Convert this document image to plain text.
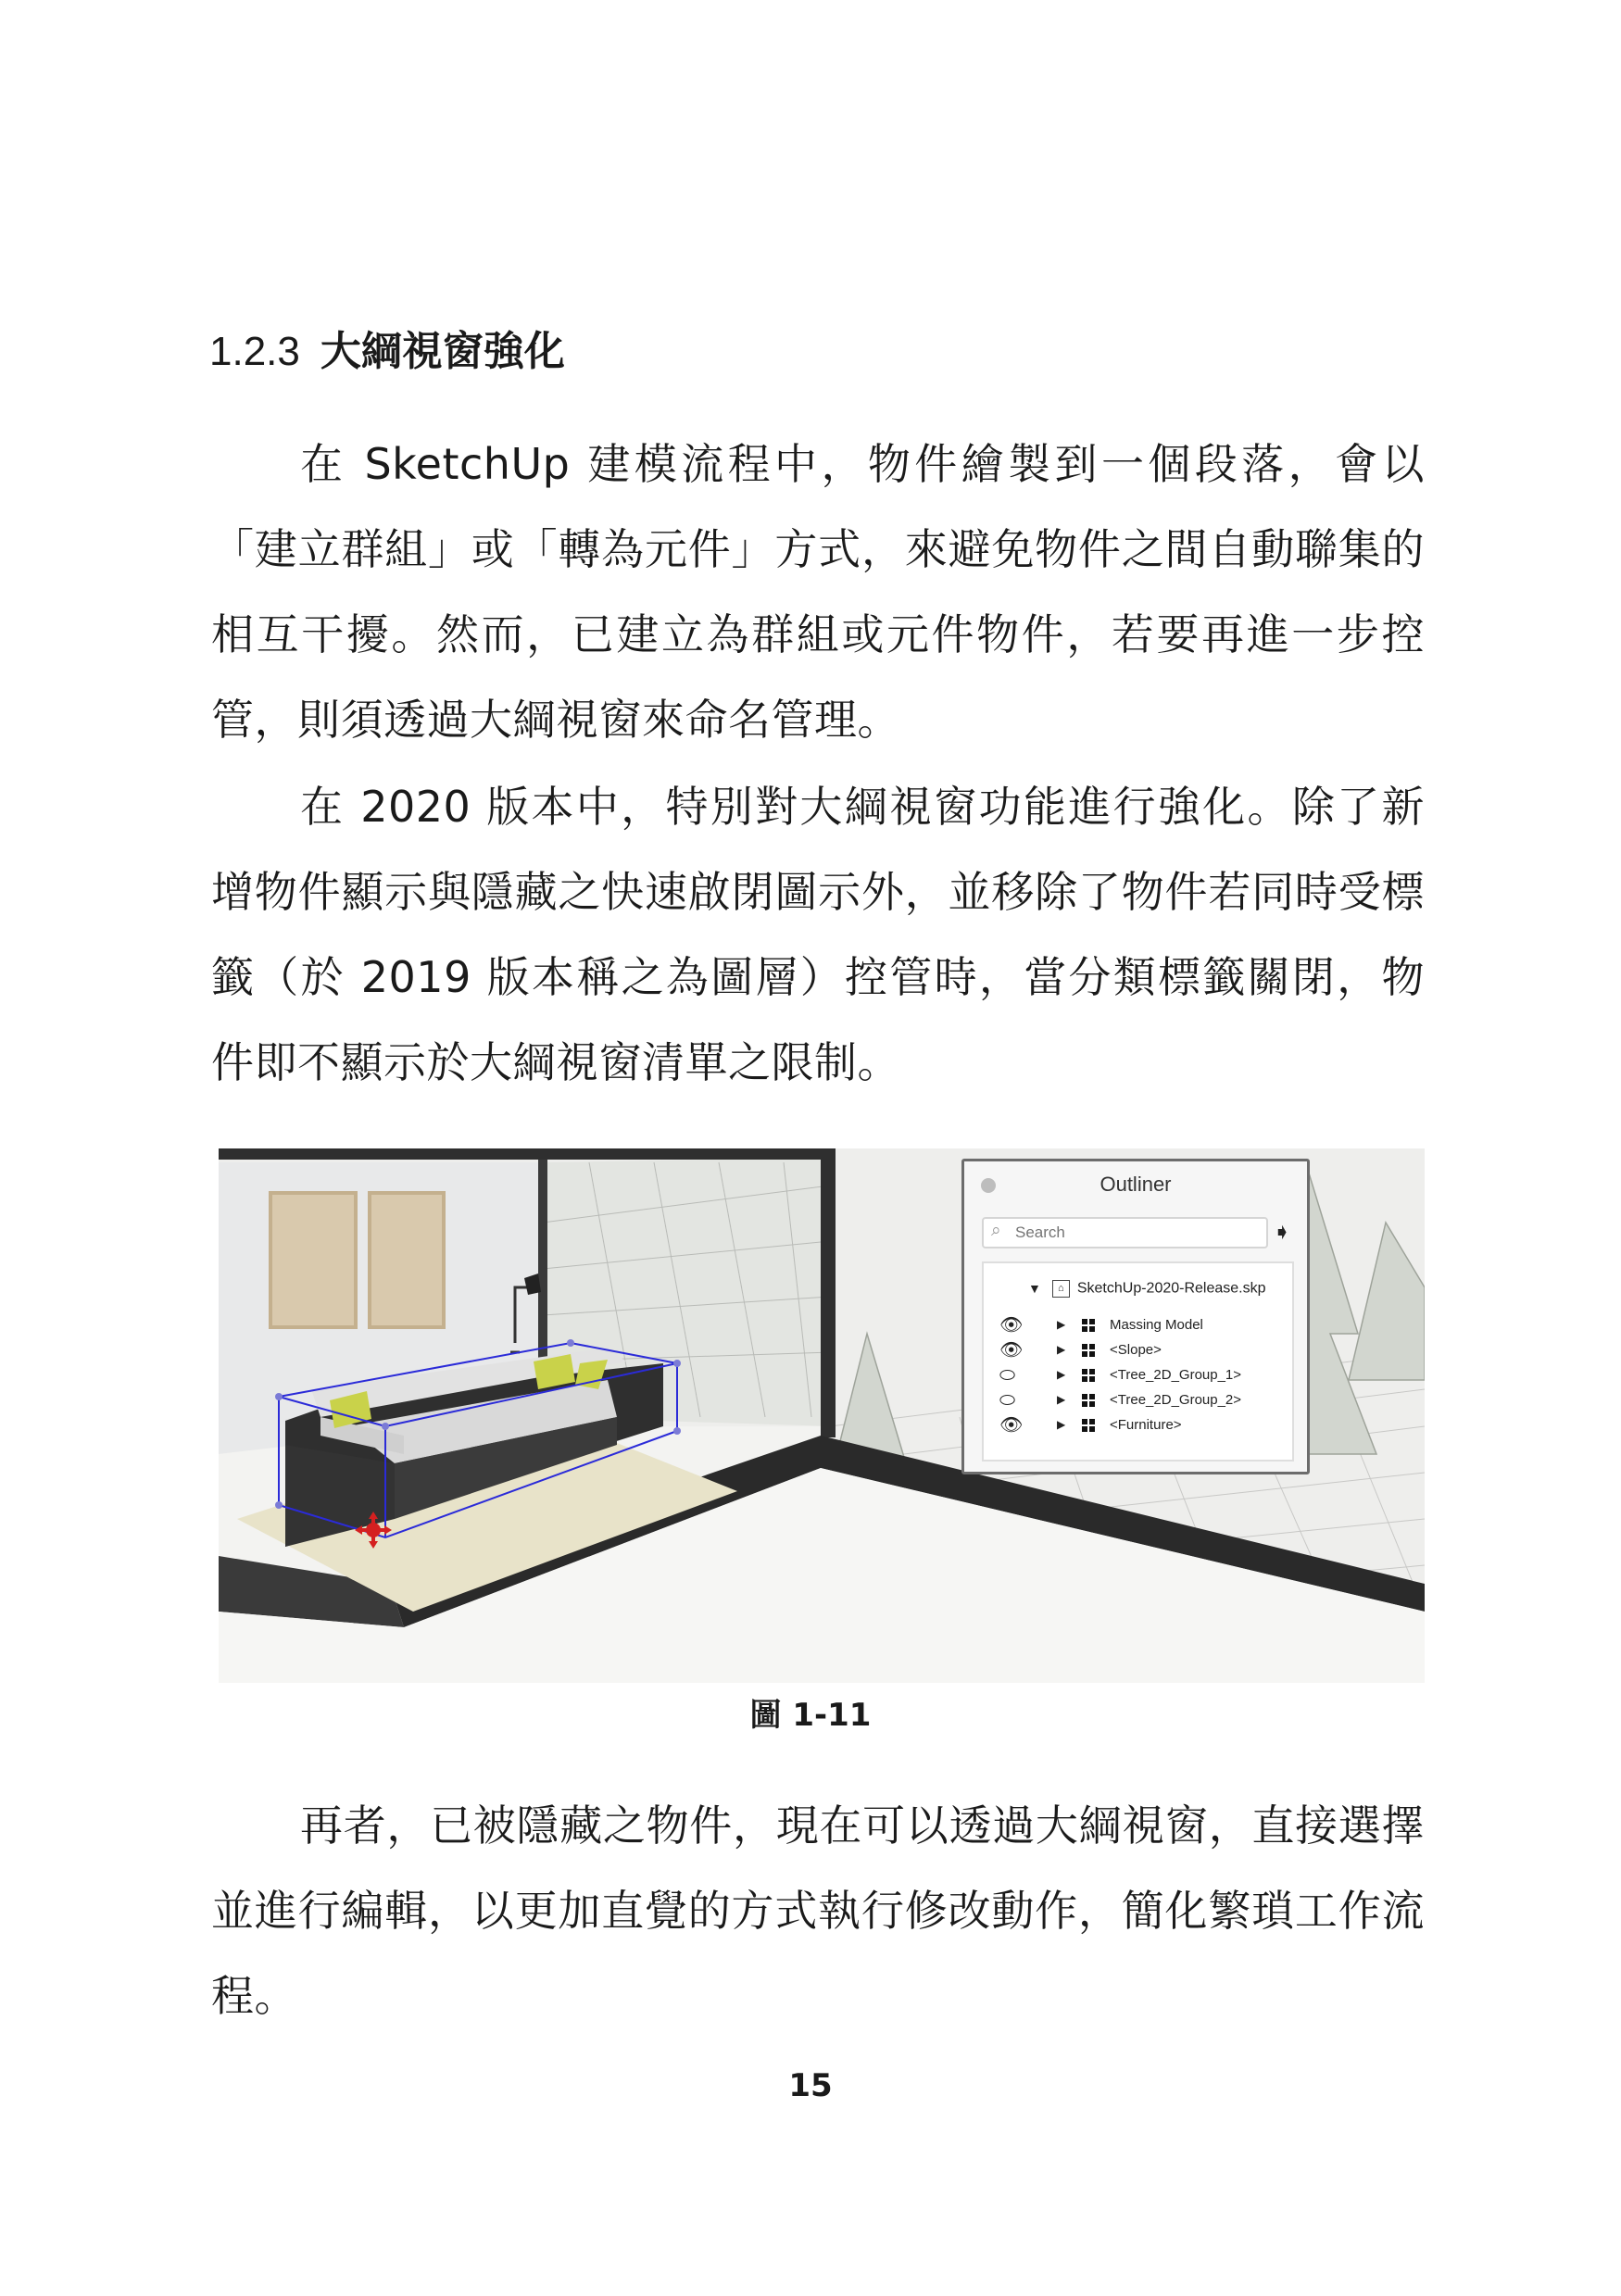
1.2.3 大綱視窗強化

在 SketchUp 建模流程中，物件繪製到一個段落，會以「建立群組」或「轉為元件」方式，來避免物件之間自動聯集的相互干擾。然而，已建立為群組或元件物件，若要再進一步控管，則須透過大綱視窗來命名管理。

在 2020 版本中，特別對大綱視窗功能進行強化。除了新增物件顯示與隱藏之快速啟閉圖示外，並移除了物件若同時受標籤（於 2019 版本稱之為圖層）控管時，當分類標籤關閉，物件即不顯示於大綱視窗清單之限制。

Outliner
⌕
Search	➧
▼ ⌂ SketchUp-2020-Release.skp
👁	▶	Massing Model
👁	▶	<Slope>
⬭	▶	<Tree_2D_Group_1>
⬭	▶	<Tree_2D_Group_2>
👁	▶	<Furniture>
圖 1-11

再者，已被隱藏之物件，現在可以透過大綱視窗，直接選擇並進行編輯，以更加直覺的方式執行修改動作，簡化繁瑣工作流程。

15
